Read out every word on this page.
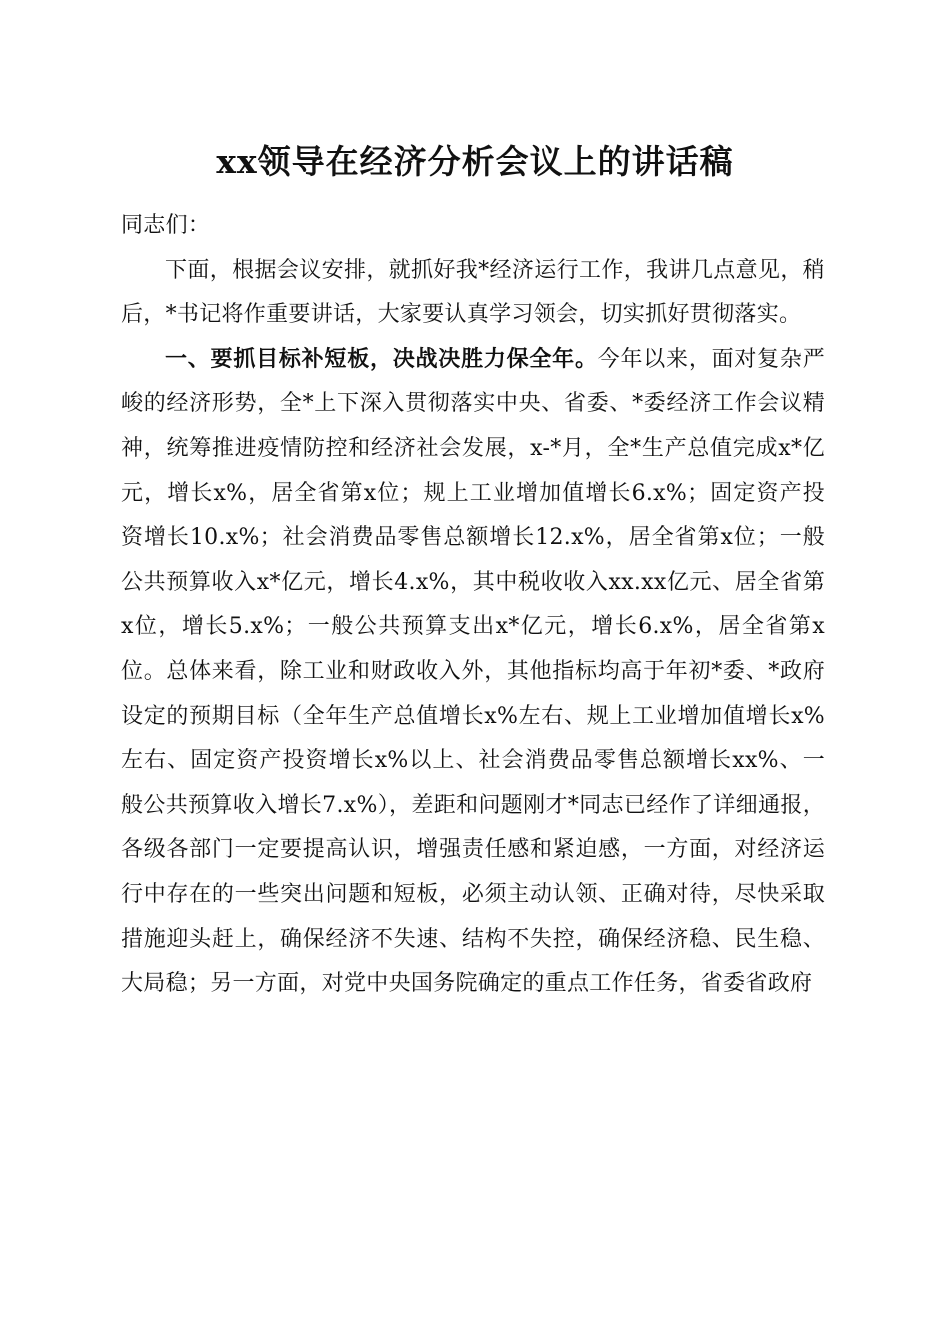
xx领导在经济分析会议上的讲话稿

同志们：

下面，根据会议安排，就抓好我*经济运行工作，我讲几点意见，稍后，*书记将作重要讲话，大家要认真学习领会，切实抓好贯彻落实。

一、要抓目标补短板，决战决胜力保全年。今年以来，面对复杂严峻的经济形势，全*上下深入贯彻落实中央、省委、*委经济工作会议精神，统筹推进疫情防控和经济社会发展，x-*月，全*生产总值完成x*亿元，增长x%，居全省第x位；规上工业增加值增长6.x%；固定资产投资增长10.x%；社会消费品零售总额增长12.x%，居全省第x位；一般公共预算收入x*亿元，增长4.x%，其中税收收入xx.xx亿元、居全省第x位，增长5.x%；一般公共预算支出x*亿元，增长6.x%，居全省第x位。总体来看，除工业和财政收入外，其他指标均高于年初*委、*政府设定的预期目标（全年生产总值增长x%左右、规上工业增加值增长x%左右、固定资产投资增长x%以上、社会消费品零售总额增长xx%、一般公共预算收入增长7.x%），差距和问题刚才*同志已经作了详细通报，各级各部门一定要提高认识，增强责任感和紧迫感，一方面，对经济运行中存在的一些突出问题和短板，必须主动认领、正确对待，尽快采取措施迎头赶上，确保经济不失速、结构不失控，确保经济稳、民生稳、大局稳；另一方面，对党中央国务院确定的重点工作任务，省委省政府
